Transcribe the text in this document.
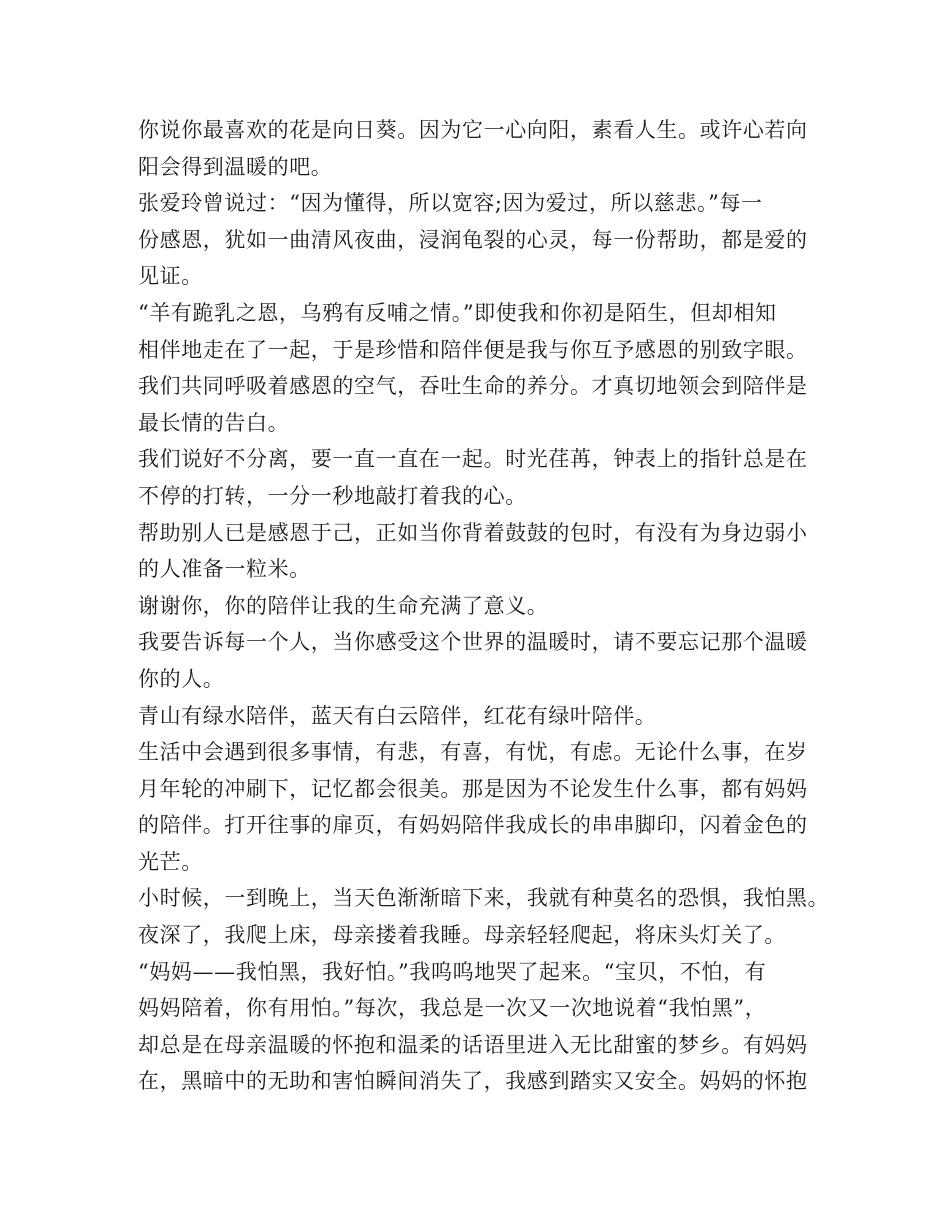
你说你最喜欢的花是向日葵。因为它一心向阳，素看人生。或许心若向
阳会得到温暖的吧。
张爱玲曾说过：“因为懂得，所以宽容;因为爱过，所以慈悲。”每一
份感恩，犹如一曲清风夜曲，浸润龟裂的心灵，每一份帮助，都是爱的
见证。
“羊有跪乳之恩，乌鸦有反哺之情。”即使我和你初是陌生，但却相知
相伴地走在了一起，于是珍惜和陪伴便是我与你互予感恩的别致字眼。
我们共同呼吸着感恩的空气，吞吐生命的养分。才真切地领会到陪伴是
最长情的告白。
我们说好不分离，要一直一直在一起。时光荏苒，钟表上的指针总是在
不停的打转，一分一秒地敲打着我的心。
帮助别人已是感恩于己，正如当你背着鼓鼓的包时，有没有为身边弱小
的人准备一粒米。
谢谢你，你的陪伴让我的生命充满了意义。
我要告诉每一个人，当你感受这个世界的温暖时，请不要忘记那个温暖
你的人。
青山有绿水陪伴，蓝天有白云陪伴，红花有绿叶陪伴。
生活中会遇到很多事情，有悲，有喜，有忧，有虑。无论什么事，在岁
月年轮的冲刷下，记忆都会很美。那是因为不论发生什么事，都有妈妈
的陪伴。打开往事的扉页，有妈妈陪伴我成长的串串脚印，闪着金色的
光芒。
小时候，一到晚上，当天色渐渐暗下来，我就有种莫名的恐惧，我怕黑。
夜深了，我爬上床，母亲搂着我睡。母亲轻轻爬起，将床头灯关了。
“妈妈——我怕黑，我好怕。”我呜呜地哭了起来。“宝贝，不怕，有
妈妈陪着，你有用怕。”每次，我总是一次又一次地说着“我怕黑”，
却总是在母亲温暖的怀抱和温柔的话语里进入无比甜蜜的梦乡。有妈妈
在，黑暗中的无助和害怕瞬间消失了，我感到踏实又安全。妈妈的怀抱
